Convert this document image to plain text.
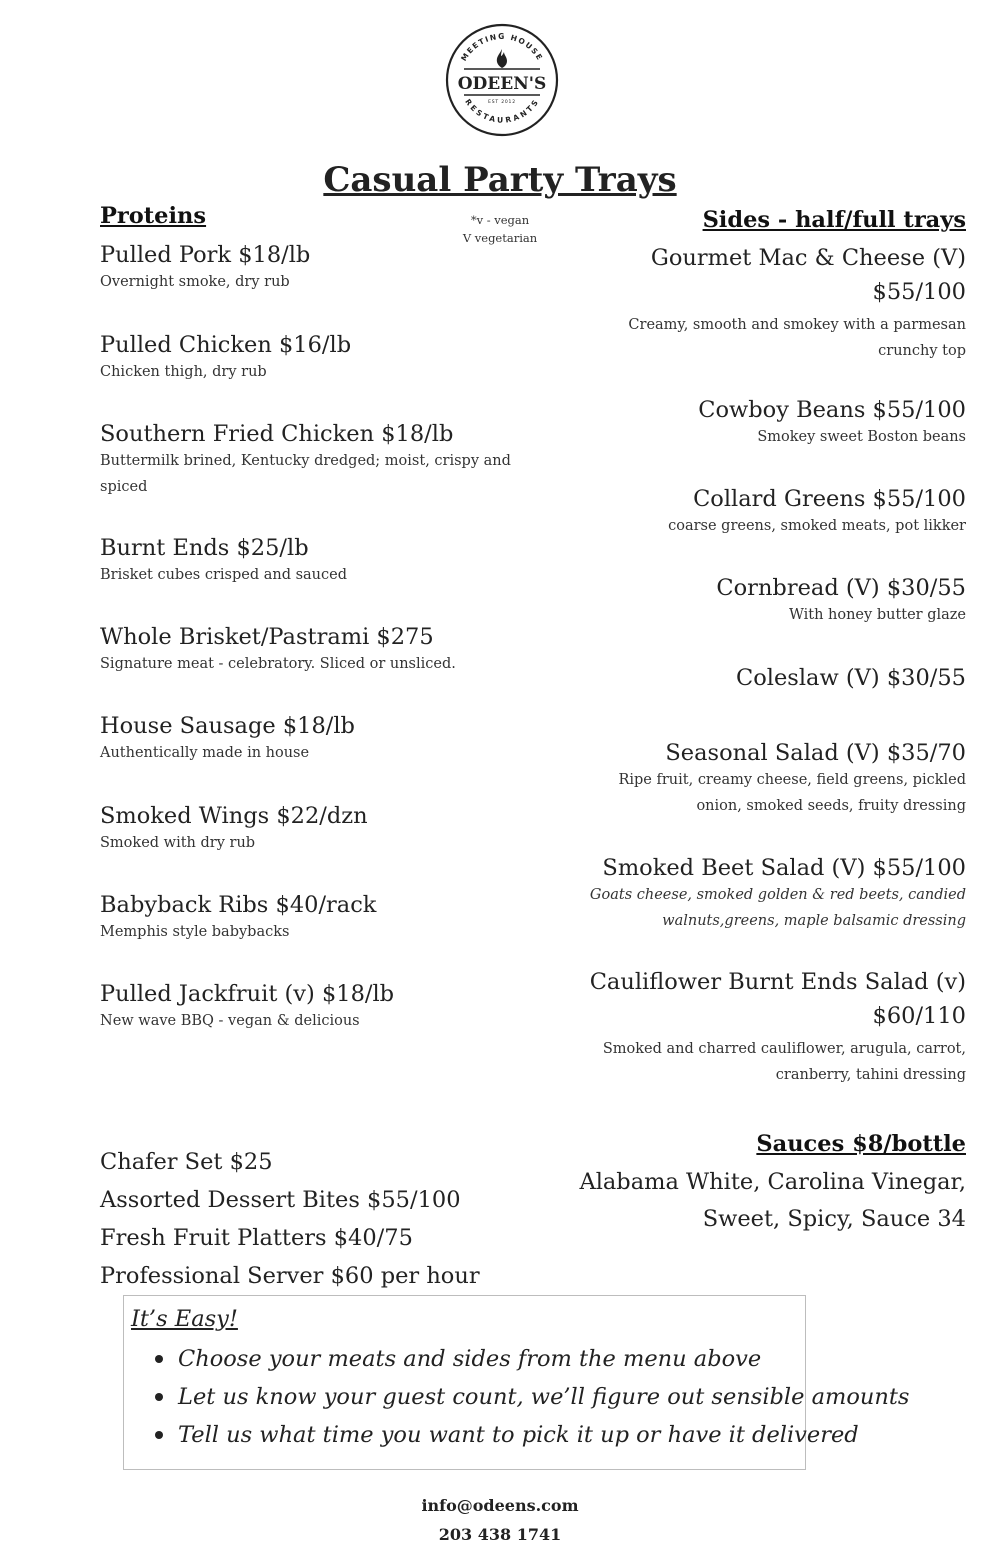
MEETING HOUSE
RESTAURANTS
ODEEN'S
EST 2012
Casual Party Trays
*v - vegan
V vegetarian
Proteins
Pulled Pork $18/lb
Overnight smoke, dry rub
Pulled Chicken $16/lb
Chicken thigh, dry rub
Southern Fried Chicken $18/lb
Buttermilk brined, Kentucky dredged; moist, crispy and spiced
Burnt Ends $25/lb
Brisket cubes crisped and sauced
Whole Brisket/Pastrami $275
Signature meat - celebratory. Sliced or unsliced.
House Sausage $18/lb
Authentically made in house
Smoked Wings $22/dzn
Smoked with dry rub
Babyback Ribs $40/rack
Memphis style babybacks
Pulled Jackfruit (v) $18/lb
New wave BBQ - vegan & delicious
Sides - half/full trays
Gourmet Mac & Cheese (V)
$55/100
Creamy, smooth and smokey with a parmesan
crunchy top
Cowboy Beans $55/100
Smokey sweet Boston beans
Collard Greens $55/100
coarse greens, smoked meats, pot likker
Cornbread (V) $30/55
With honey butter glaze
Coleslaw (V) $30/55
Seasonal Salad (V) $35/70
Ripe fruit, creamy cheese, field greens, pickled
onion, smoked seeds, fruity dressing
Smoked Beet Salad (V) $55/100
Goats cheese, smoked golden & red beets, candied
walnuts,greens, maple balsamic dressing
Cauliflower Burnt Ends Salad (v)
$60/110
Smoked and charred cauliflower, arugula, carrot,
cranberry, tahini dressing
Chafer Set $25
Assorted Dessert Bites $55/100
Fresh Fruit Platters $40/75
Professional Server $60 per hour
Sauces $8/bottle
Alabama White, Carolina Vinegar,
Sweet, Spicy, Sauce 34
It’s Easy!
Choose your meats and sides from the menu above
Let us know your guest count, we’ll figure out sensible amounts
Tell us what time you want to pick it up or have it delivered
info@odeens.com
203 438 1741
